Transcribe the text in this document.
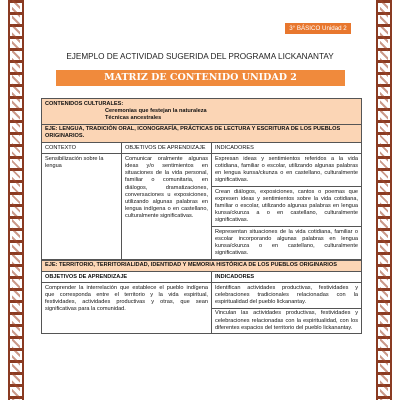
3° BÁSICO Unidad 2
EJEMPLO DE ACTIVIDAD SUGERIDA DEL PROGRAMA LICKANANTAY
MATRIZ DE CONTENIDO UNIDAD 2
CONTENIDOS CULTURALES:
Ceremonias que festejan la naturaleza
Técnicas ancestrales		

EJE: LENGUA, TRADICIÓN ORAL, ICONOGRAFÍA, PRÁCTICAS DE LECTURA Y ESCRITURA DE LOS PUEBLOS ORIGINARIOS.		
CONTEXTO	OBJETIVOS DE APRENDIZAJE	INDICADORES
Sensibilización sobre la lengua	Comunicar oralmente algunas ideas y/o sentimientos en situaciones de la vida personal, familiar o comunitaria, en diálogos, dramatizaciones, conversaciones u exposiciones, utilizando algunas palabras en lengua indígena o en castellano, culturalmente significativas.	Expresan ideas y sentimientos referidos a la vida cotidiana, familiar o escolar, utilizando algunas palabras en lengua kunsa/ckunza o en castellano, culturalmente significativas.
		Crean diálogos, exposiciones, cantos o poemas que expresen ideas y sentimientos sobre la vida cotidiana, familiar o escolar, utilizando algunas palabras en lengua kunsa/ckunza a o en castellano, culturalmente significativas.
		Representan situaciones de la vida cotidiana, familiar o escolar incorporando algunas palabras en lengua kunsa/ckunza o en castellano, culturalmente significativas.
EJE: TERRITORIO, TERRITORIALIDAD, IDENTIDAD Y MEMORIA HISTÓRICA DE LOS PUEBLOS ORIGINARIOS	
OBJETIVOS DE APRENDIZAJE	INDICADORES
Comprender la interrelación que establece el pueblo indígena que corresponda entre el territorio y la vida espiritual, festividades, actividades productivas y otras, que sean significativas para la comunidad.	Identifican actividades productivas, festividades y celebraciones tradicionales relacionadas con la espiritualidad del pueblo lickanantay.
	Vinculan las actividades productivas, festividades y celebraciones relacionadas con la espiritualidad, con los diferentes espacios del territorio del pueblo lickanantay.
